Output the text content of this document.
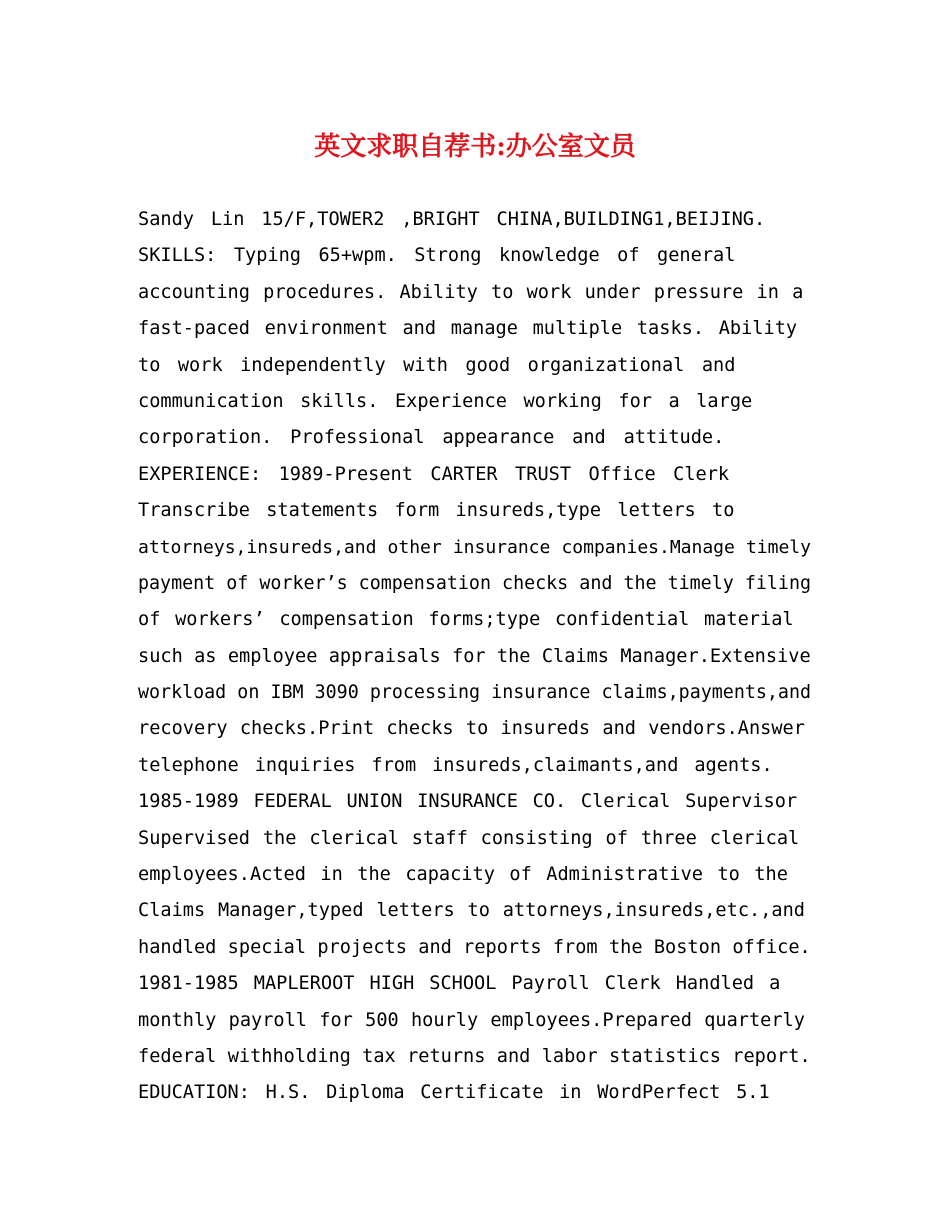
英文求职自荐书:办公室文员
Sandy Lin 15/F,TOWER2 ,BRIGHT CHINA,BUILDING1,BEIJING.
SKILLS: Typing 65+wpm. Strong knowledge of general
accounting procedures. Ability to work under pressure in a
fast-paced environment and manage multiple tasks. Ability
to work independently with good organizational and
communication skills. Experience working for a large
corporation. Professional appearance and attitude.
EXPERIENCE: 1989-Present CARTER TRUST Office Clerk
Transcribe statements form insureds,type letters to
attorneys,insureds,and other insurance companies.Manage timely
payment of worker’s compensation checks and the timely filing
of workers’ compensation forms;type confidential material
such as employee appraisals for the Claims Manager.Extensive
workload on IBM 3090 processing insurance claims,payments,and
recovery checks.Print checks to insureds and vendors.Answer
telephone inquiries from insureds,claimants,and agents.
1985-1989 FEDERAL UNION INSURANCE CO. Clerical Supervisor
Supervised the clerical staff consisting of three clerical
employees.Acted in the capacity of Administrative to the
Claims Manager,typed letters to attorneys,insureds,etc.,and
handled special projects and reports from the Boston office.
1981-1985 MAPLEROOT HIGH SCHOOL Payroll Clerk Handled a
monthly payroll for 500 hourly employees.Prepared quarterly
federal withholding tax returns and labor statistics report.
EDUCATION: H.S. Diploma Certificate in WordPerfect 5.1
